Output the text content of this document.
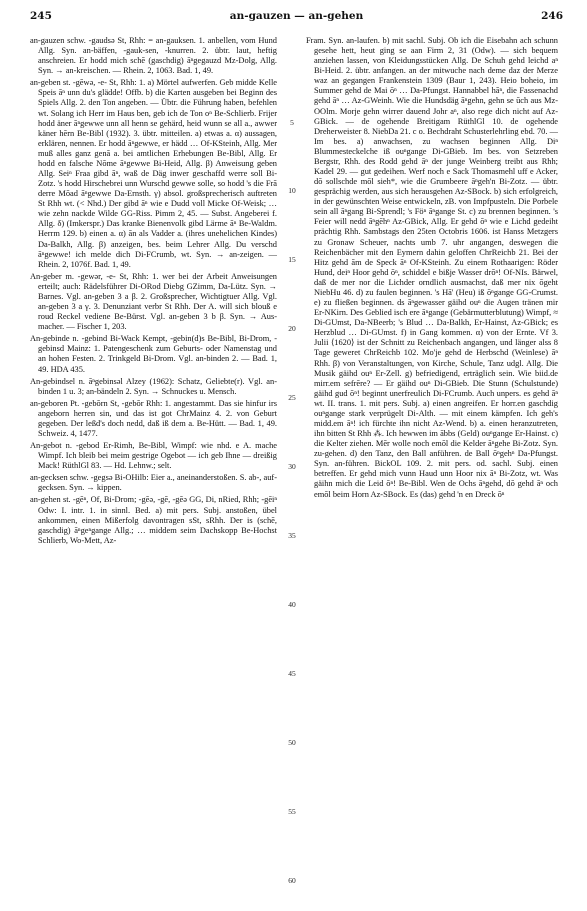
245	an-gauzen — an-gehen	246

an-gauzen schw. -gaudsə St, Rhh: = an-gauksen. 1. anbellen, vom Hund Allg. Syn. an-bäffen, -gauk-sen, -knurren. 2. übtr. laut, heftig anschreien. Er hodd mich schē (gaschdig) āⁿgegauzd Mz-Dolg, Allg. Syn. → an-kreischen. — Rhein. 2, 1063. Bad. 1, 49.

an-geben st. -gēwə, -e- St, Rhh: 1. a) Mörtel aufwerfen. Geb midde Kelle Speis āⁿ unn du's glädde! Offb. b) die Karten ausgeben bei Beginn des Spiels Allg. 2. den Ton angeben. — Übtr. die Führung haben, befehlen wt. Solang ich Herr im Haus ben, geb ich de Ton oⁿ Be-Schlierb. Frijer hodd äner āⁿgewwe unn all henn se gehärd, heid wunn se all a., awwer käner hērn Be-Bibl (1932). 3. übtr. mitteilen. a) etwas a. α) aussagen, erklären, nennen. Er hodd āⁿgewwe, er hädd … Of-KSteinh, Allg. Mer muß alles ganz genā a. bei amtlichen Erhebungen Be-Bibl, Allg. Er hodd en falsche Nōme āⁿgewwe Bi-Heid, Allg. β) Anweisung geben Allg. Seiⁿ Fraa gibd āⁿ, waß de Däg inwer geschaffd werre soll Bi-Zotz. 's hodd Hirschebrei unn Wurschd gewwe solle, so hodd 's die Frā derre Mōad āⁿgewwe Da-Ernsth. γ) absol. großsprecherisch auftreten St Rhh wt. (< Nhd.) Der gibd āⁿ wie e Dudd voll Micke Of-Weisk; … wie zehn nackde Wilde GG-Riss. Pimm 2, 45. — Subst. Angeberei f. Allg. δ) (Imkerspr.) Das kranke Bienenvolk gibd Lärme āⁿ Be-Waldm. Herrm 129. b) einen a. α) ān als Vadder a. (ihres unehelichen Kindes) Da-Balkh, Allg. β) anzeigen, bes. beim Lehrer Allg. Du verschd āⁿgewwe! ich melde dich Di-FCrumb, wt. Syn. → an-zeigen. — Rhein. 2, 1076f. Bad. 1, 49.

An-geber m. -gewər, -e- St, Rhh: 1. wer bei der Arbeit Anweisungen erteilt; auch: Rädelsführer Di-ORod Diebg GZimm, Da-Lütz. Syn. → Barnes. Vgl. an-geben 3 a β. 2. Großsprecher, Wichtigtuer Allg. Vgl. an-geben 3 a γ. 3. Denunziant verbr St Rhh. Der A. will sich blouß e roud Reckel vediene Be-Bürst. Vgl. an-geben 3 b β. Syn. → Aus-macher. — Fischer 1, 203.

An-gebinde n. -gebind Bi-Wack Kempt, -gebin(d)s Be-Bibl, Bi-Drom, -gebinsd Mainz: 1. Patengeschenk zum Geburts- oder Namenstag und an hohen Festen. 2. Trinkgeld Bi-Drom. Vgl. an-binden 2. — Bad. 1, 49. HDA 435.

An-gebindsel n. āⁿgebinsəl Alzey (1962): Schatz, Geliebte(r). Vgl. an-binden 1 u. 3; an-bändeln 2. Syn. → Schnuckes u. Mensch.

an-geboren Pt. -gebōrn St, -gebōr Rhh: 1. angestammt. Das sie hinfur irs angeborn herren sin, und das ist got ChrMainz 4. 2. von Geburt gegeben. Der leßd's doch nedd, daß iß dem a. Be-Hütt. — Bad. 1, 49. Schweiz. 4, 1477.

An-gebot n. -gebod Er-Rimh, Be-Bibl, Wimpf: wie nhd. e A. mache Wimpf. Ich bleib bei meim gestrige Ogebot — ich geb Ihne — dreißig Mack! RüthlGl 83. — Hd. Lehnw.; selt.

an-gecksen schw. -gegsə Bi-OHilb: Eier a., aneinanderstoßen. S. ab-, auf-gecksen. Syn. → kippen.

an-gehen st. -gēⁿ, Of, Bi-Drom; -gēə, -gē, -gēə GG, Di, nRied, Rhh; -gēiⁿ Odw: I. intr. 1. in sinnl. Bed. a) mit pers. Subj. anstoßen, übel ankommen, einen Mißerfolg davontragen sSt, sRhh. Der is (schē, gaschdig) āⁿgeⁿgange Allg.; … middem seim Dachskopp Be-Hochst Schlierb, Wo-Mett, Az-

5
10
15
20
25
30
35
40
45
50
55
60

Fram. Syn. an-laufen. b) mit sachl. Subj. Ob ich die Eisebahn ach schunn gesehe hett, heut ging se aan Firm 2, 31 (Odw). — sich bequem anziehen lassen, von Kleidungsstücken Allg. De Schuh gehd leichd aⁿ Bi-Heid. 2. übtr. anfangen. an der mitwuche nach deme daz der Merze waz an gegangen Frankenstein 1309 (Baur 1, 243). Heio boheio, im Summer gehd de Mai ōⁿ … Da-Pfungst. Hannabbel hāⁿ, die Fassenachd gehd āⁿ … Az-GWeinh. Wie die Hundsdäg āⁿgehn, gehn se ūch aus Mz-OOlm. Morje gehn wirrer dauend Johr aⁿ, also rege dich nicht auf Az-GBick. — de ogehende Breitigam RüthlGl 10. de ogehende Dreherweister 8. NiebDa 21. c o. Bechdraht Schusterlehrling ebd. 70. — Im bes. a) anwachsen, zu wachsen beginnen Allg. Diⁿ Blummesteckelche iß ouⁿgange Di-GBieb. Im bes. von Setzreben Bergstr, Rhh. des Rodd gehd āⁿ der junge Weinberg treibt aus Rhh; Kadel 29. — gut gedeihen. Werf noch e Sack Thomasmehl uff e Acker, dō sollschde mōl sieh*, wie die Grumbeere āⁿgeh'n Bi-Zotz. — übtr. gesprächig werden, aus sich herausgehen Az-SBock. b) sich erfolgreich, in der gewünschten Weise entwickeln, zB. von Impfpusteln. Die Porbele sein all āⁿgang Bi-Sprendl; 's Föⁿ āⁿgange St. c) zu brennen beginnen. 's Feier will nedd āⁿgēhⁿ Az-GBick, Allg. Er gehd ōⁿ wie e Lichd gedeiht prächtig Rhh. Sambstags den 25ten Octobris 1606. ist Hanss Metzgers zu Gronaw Scheuer, nachts umb 7. uhr angangen, deswegen die Reichenbächer mit den Eymern dahin geloffen ChrReichb 21. Bei der Hitz gehd ām de Speck āⁿ Of-KSteinh. Zu einem Rothaarigen: Röder Hund, deiⁿ Hoor gehd ōⁿ, schiddel e bißje Wasser drōⁿ! Of-NIs. Bärwel, daß de mer nor die Lichder orndlich ausmachst, daß mer nix ōgeht NiebHu 46. d) zu faulen beginnen. 's Hā' (Heu) iß ōⁿgange GG-Crumst. e) zu fließen beginnen. ds āⁿgewasser gäihd ouⁿ die Augen tränen mir Er-NKirn. Des Geblied isch ere āⁿgange (Gebärmutterblutung) Wimpf, ≈ Di-GUmst, Da-NBeerb; 's Blud … Da-Balkh, Er-Hainst, Az-GBick; es Herzblud … Di-GUmst. f) in Gang kommen. α) von der Ernte. Vf 3. Julii ⟨1620⟩ ist der Schnitt zu Reichenbach angangen, und länger alss 8 Tage geweret ChrReichb 102. Mo'je gehd de Herbschd (Weinlese) āⁿ Rhh. β) von Veranstaltungen, von Kirche, Schule, Tanz udgl. Allg. Die Musik gäihd ouⁿ Er-Zell. g) befriedigend, erträglich sein. Wie biid.de mirr.em sefrēre? — Er gäihd ouⁿ Di-GBieb. Die Stunn (Schulstunde) gäihd gud ōⁿ! beginnt unerfreulich Di-FCrumb. Auch unpers. es gehd āⁿ wt. II. trans. 1. mit pers. Subj. a) einen angreifen. Er horr.en gaschdig ouⁿgange stark verprügelt Di-Alth. — mit einem kämpfen. Ich geh's midd.em āⁿ! ich fürchte ihn nicht Az-Wend. b) a. einen heranzutreten, ihn bitten St Rhh ⁂. Ich hewwen im ābbs (Geld) ouⁿgange Er-Hainst. c) die Kelter ziehen. Mēr wolle noch emōl die Kelder āⁿgehe Bi-Zotz. Syn. zu-gehen. d) den Tanz, den Ball anführen. de Ball ōⁿgehⁿ Da-Pfungst. Syn. an-führen. BickOL 109. 2. mit pers. od. sachl. Subj. einen betreffen. Er gehd mich vunn Haud unn Hoor nix āⁿ Bi-Zotz, wt. Was gäihn mich die Leid ōⁿ! Be-Bibl. Wen de Ochs āⁿgehd, dō gehd āⁿ och emōl beim Horn Az-SBock. Es (das) gehd 'n en Dreck ōⁿ
